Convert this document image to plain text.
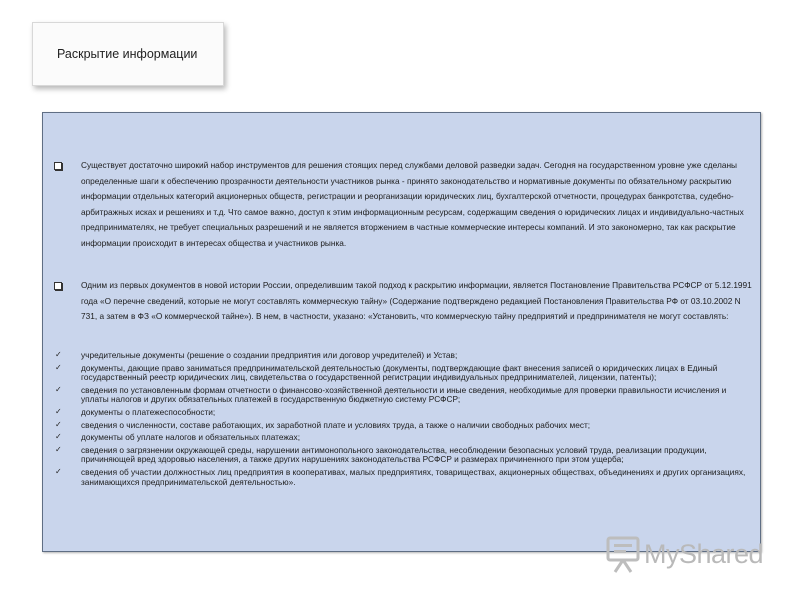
Раскрытие информации
Существует достаточно широкий набор инструментов для решения стоящих перед службами деловой разведки задач. Сегодня на государственном уровне уже сделаны определенные шаги к обеспечению прозрачности деятельности участников рынка - принято законодательство и нормативные документы по обязательному раскрытию информации отдельных категорий акционерных обществ, регистрации и реорганизации юридических лиц, бухгалтерской отчетности, процедурах банкротства, судебно-арбитражных исках и решениях и т.д. Что самое важно, доступ к этим информационным ресурсам, содержащим сведения о юридических лицах и индивидуально-частных предпринимателях, не требует специальных разрешений и не является вторжением в частные коммерческие интересы компаний. И это закономерно, так как раскрытие информации происходит в интересах общества и участников рынка.
Одним из первых документов в новой истории России, определившим такой подход к раскрытию информации, является Постановление Правительства РСФСР от 5.12.1991 года «О перечне сведений, которые не могут составлять коммерческую тайну» (Содержание подтверждено редакцией Постановления Правительства РФ от 03.10.2002 N 731, а затем в ФЗ «О коммерческой тайне»). В нем, в частности, указано: «Установить, что коммерческую тайну предприятий и предпринимателя не могут составлять:
✓ учредительные документы (решение о создании предприятия или договор учредителей) и Устав;
✓ документы, дающие право заниматься предпринимательской деятельностью (документы, подтверждающие факт внесения записей о юридических лицах в Единый государственный реестр юридических лиц, свидетельства о государственной регистрации индивидуальных предпринимателей, лицензии, патенты);
✓ сведения по установленным формам отчетности о финансово-хозяйственной деятельности и иные сведения, необходимые для проверки правильности исчисления и уплаты налогов и других обязательных платежей в государственную бюджетную систему РСФСР;
✓ документы о платежеспособности;
✓ сведения о численности, составе работающих, их заработной плате и условиях труда, а также о наличии свободных рабочих мест;
✓ документы об уплате налогов и обязательных платежах;
✓ сведения о загрязнении окружающей среды, нарушении антимонопольного законодательства, несоблюдении безопасных условий труда, реализации продукции, причиняющей вред здоровью населения, а также других нарушениях законодательства РСФСР и размерах причиненного при этом ущерба;
✓ сведения об участии должностных лиц предприятия в кооперативах, малых предприятиях, товариществах, акционерных обществах, объединениях и других организациях, занимающихся предпринимательской деятельностью».
MyShared
